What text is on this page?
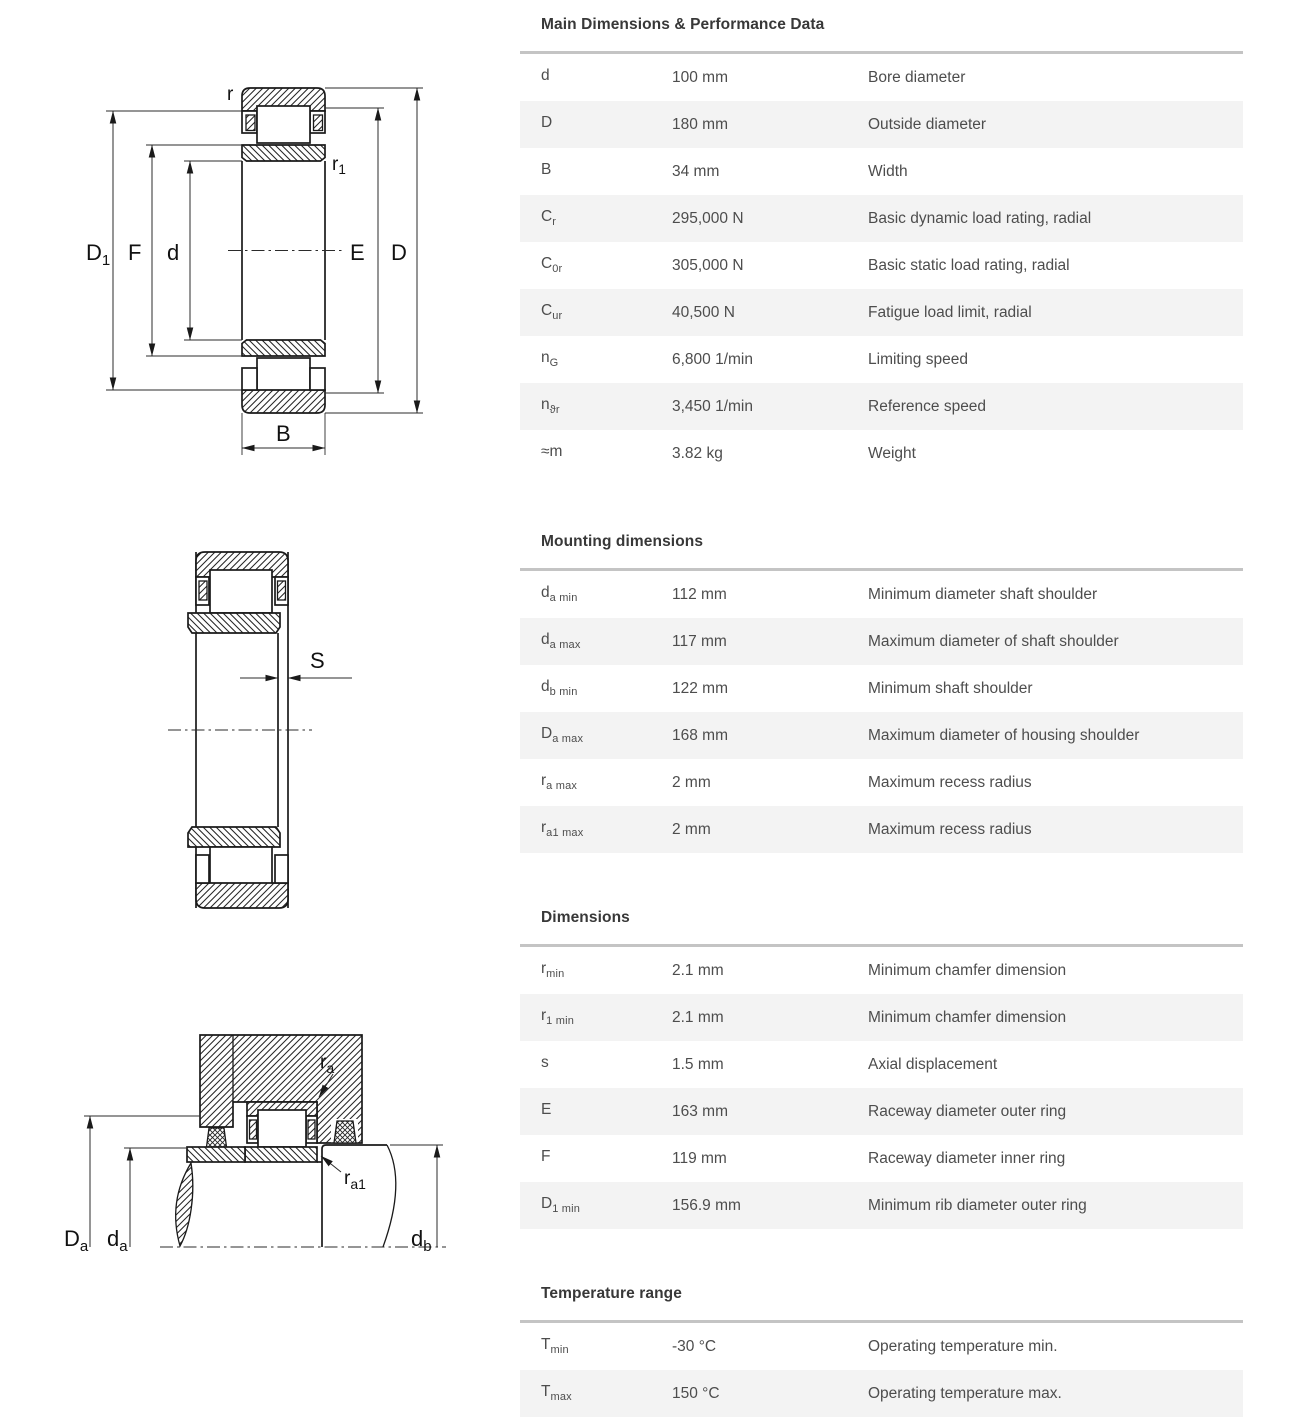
$D_1$ F d	E D
B
r
$r_1$
S
$r_a$
$r_{a1}$
$D_a$ $d_a$	$d_b$
Main Dimensions & Performance Data
d	100 mm	Bore diameter
D	180 mm	Outside diameter
B	34 mm	Width
$C_r$	295,000 N	Basic dynamic load rating, radial
$C_{0r}$	305,000 N	Basic static load rating, radial
$C_{ur}$	40,500 N	Fatigue load limit, radial
$n_G$	6,800 1/min	Limiting speed
$n_{ϑr}$	3,450 1/min	Reference speed
≈m	3.82 kg	Weight
Mounting dimensions
$d_{a min}$	112 mm	Minimum diameter shaft shoulder
$d_{a max}$	117 mm	Maximum diameter of shaft shoulder
$d_{b min}$	122 mm	Minimum shaft shoulder
$D_{a max}$	168 mm	Maximum diameter of housing shoulder
$r_{a max}$	2 mm	Maximum recess radius
$r_{a1 max}$	2 mm	Maximum recess radius
Dimensions
$r_{min}$	2.1 mm	Minimum chamfer dimension
$r_{1 min}$	2.1 mm	Minimum chamfer dimension
s	1.5 mm	Axial displacement
E	163 mm	Raceway diameter outer ring
F	119 mm	Raceway diameter inner ring
$D_{1 min}$	156.9 mm	Minimum rib diameter outer ring
Temperature range
$T_{min}$	-30 °C	Operating temperature min.
$T_{max}$	150 °C	Operating temperature max.
